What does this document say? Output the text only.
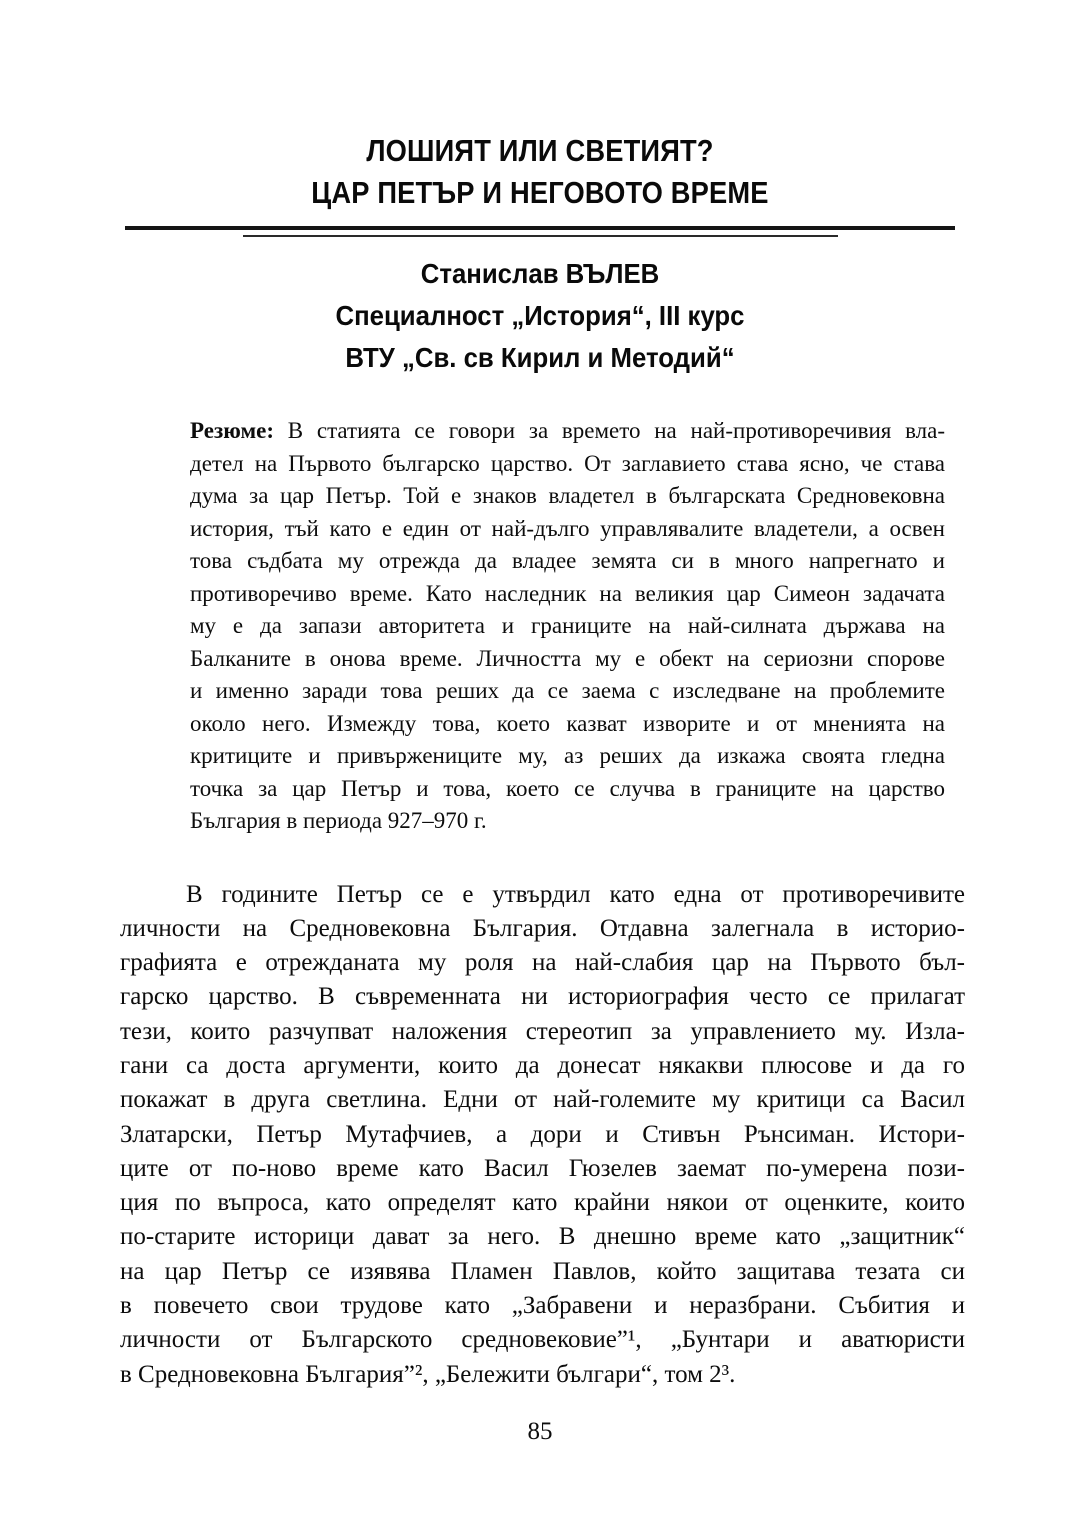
ЛОШИЯТ ИЛИ СВЕТИЯТ?
ЦАР ПЕТЪР И НЕГОВОТО ВРЕМЕ
Станислав ВЪЛЕВ
Специалност „История“, III курс
ВТУ „Св. св Кирил и Методий“
Резюме: В статията се говори за времето на най-противоречивия вла-
детел на Първото българско царство. От заглавието става ясно, че става
дума за цар Петър. Той е знаков владетел в българската Средновековна
история, тъй като е един от най-дълго управлявалите владетели, а освен
това съдбата му отрежда да владее земята си в много напрегнато и
противоречиво време. Като наследник на великия цар Симеон задачата
му е да запази авторитета и границите на най-силната държава на
Балканите в онова време. Личността му е обект на сериозни спорове
и именно заради това реших да се заема с изследване на проблемите
около него. Измежду това, което казват изворите и от мненията на
критиците и привържениците му, аз реших да изкажа своята гледна
точка за цар Петър и това, което се случва в границите на царство
България в периода 927–970 г.
В годините Петър се е утвърдил като една от противоречивите
личности на Средновековна България. Отдавна залегнала в историо-
графията е отрежданата му роля на най-слабия цар на Първото бъл-
гарско царство. В съвременната ни историография често се прилагат
тези, които разчупват наложения стереотип за управлението му. Изла-
гани са доста аргументи, които да донесат някакви плюсове и да го
покажат в друга светлина. Едни от най-големите му критици са Васил
Златарски, Петър Мутафчиев, а дори и Стивън Рънсиман. Истори-
ците от по-ново време като Васил Гюзелев заемат по-умерена пози-
ция по въпроса, като определят като крайни някои от оценките, които
по-старите историци дават за него. В днешно време като „защитник“
на цар Петър се изявява Пламен Павлов, който защитава тезата си
в повечето свои трудове като „Забравени и неразбрани. Събития и
личности от Българското средновековие”¹, „Бунтари и аватюристи
в Средновековна България”², „Бележити българи“, том 2³.
85
